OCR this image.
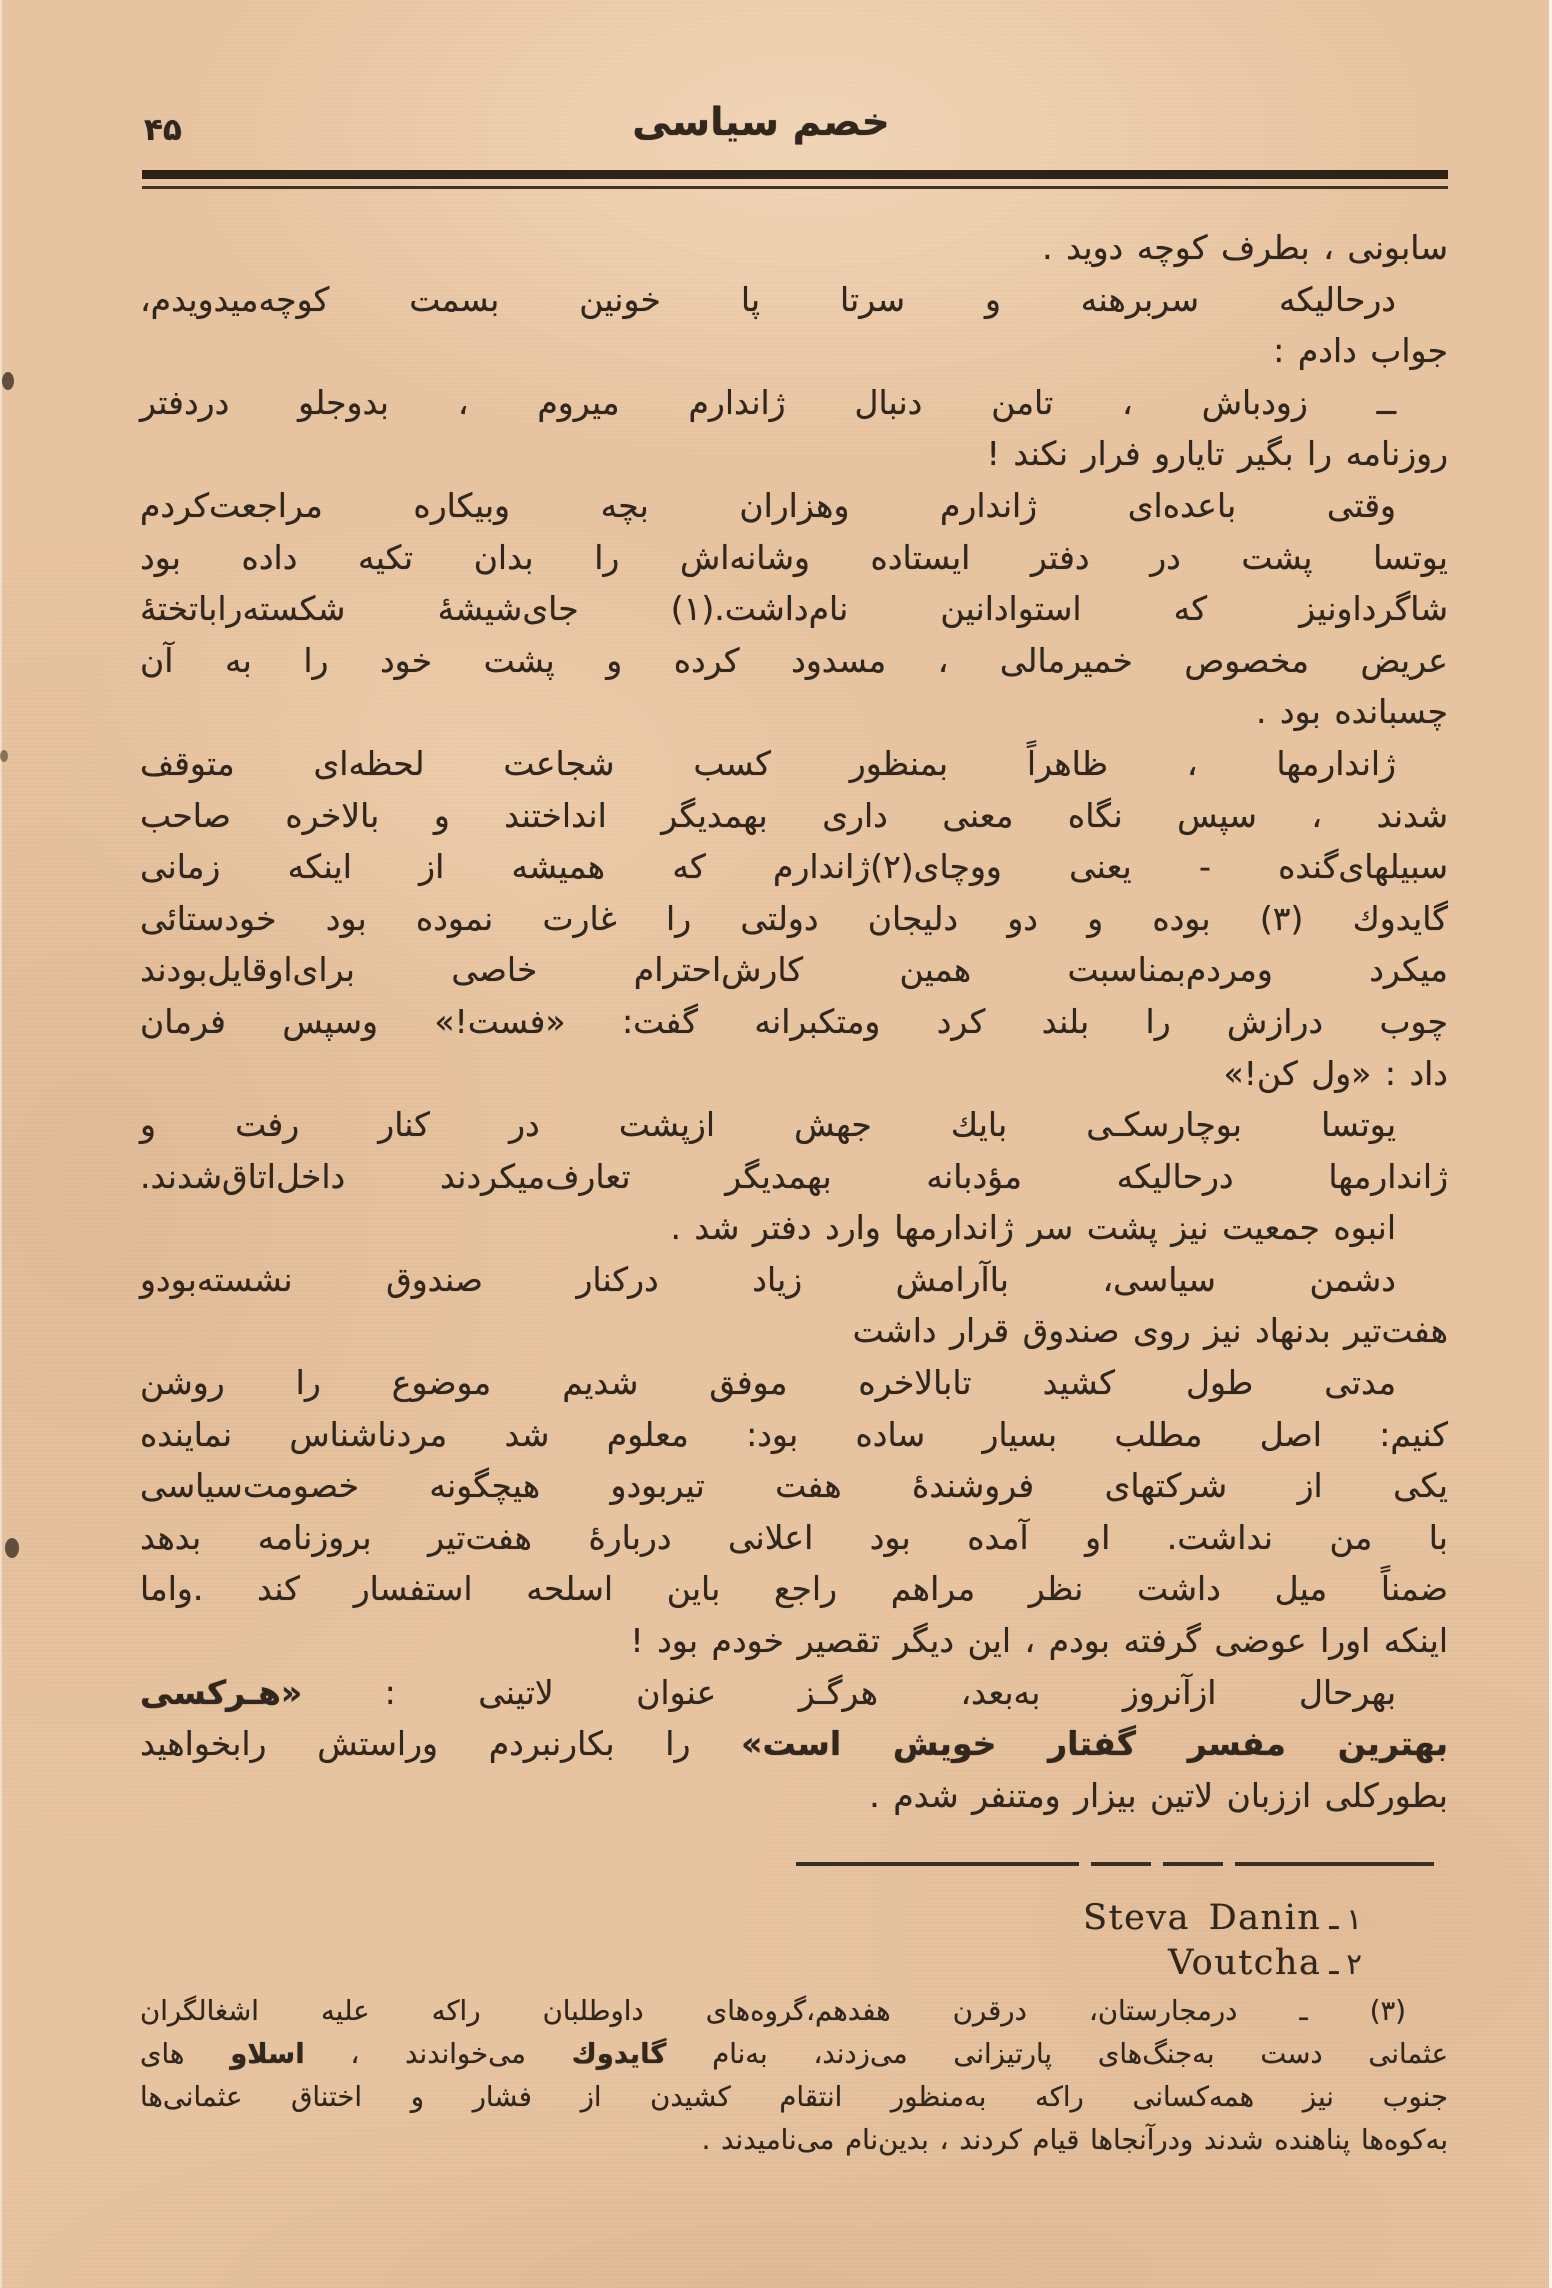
۴۵	خصم سیاسی
سابونی ، بطرف کوچه دوید .
درحالیکه سربرهنه و سرتا پا خونین بسمت کوچه‌میدویدم،
جواب دادم :
ــ زودباش ، تامن دنبال ژاندارم میروم ، بدوجلو دردفتر
روزنامه را بگیر تایارو فرار نکند !
وقتی باعده‌ای ژاندارم وهزاران بچه وبیکاره مراجعت‌کردم
یوتسا پشت در دفتر ایستاده وشانه‌اش را بدان تکیه داده بود
شاگرداونیز که استوادانین نام‌داشت.(۱) جای‌شیشهٔ شکسته‌راباتختهٔ
عریض مخصوص خمیرمالی ، مسدود کرده و پشت خود را به آن
چسبانده بود .
ژاندارمها ، ظاهراً بمنظور کسب شجاعت لحظه‌ای متوقف
شدند ، سپس نگاه معنی داری بهمدیگر انداختند و بالاخره صاحب
سبیلهای‌گنده - یعنی ووچای(۲)ژاندارم که همیشه از اینکه زمانی
گایدوك (۳) بوده و دو دلیجان دولتی را غارت نموده بود خودستائی
میکرد ومردم‌بمناسبت همین کارش‌احترام خاصی برای‌اوقایل‌بودند
چوب درازش را بلند کرد ومتکبرانه گفت: «فست!» وسپس فرمان
داد : «ول کن!»
یوتسا بوچارسکـی بایك جهش ازپشت در کنار رفت و
ژاندارمها درحالیکه مؤدبانه بهمدیگر تعارف‌میکردند داخل‌اتاق‌شدند.
انبوه جمعیت نیز پشت سر ژاندارمها وارد دفتر شد .
دشمن سیاسی، باآرامش زیاد درکنار صندوق نشسته‌بودو
هفت‌تیر بدنهاد نیز روی صندوق قرار داشت
مدتی طول کشید تابالاخره موفق شدیم موضوع را روشن
کنیم: اصل مطلب بسیار ساده بود: معلوم شد مردناشناس نماینده
یکی از شرکتهای فروشندهٔ هفت تیربودو هیچگونه خصومت‌سیاسی
با من نداشت. او آمده بود اعلانی دربارهٔ هفت‌تیر بروزنامه بدهد
ضمناً میل داشت نظر مراهم راجع باین اسلحه استفسار کند .واما
اینکه اورا عوضی گرفته بودم ، این دیگر تقصیر خودم بود !
بهرحال ازآنروز به‌بعد، هرگـز عنوان لاتینی : «هـرکسی
بهترین مفسر گفتار خویش است» را بکارنبردم وراستش رابخواهید
بطورکلی اززبان لاتین بیزار ومتنفر شدم .
۱ـSteva Danin
۲ـVoutcha
(۳) ـ درمجارستان، درقرن هفدهم،گروه‌های داوطلبان راکه علیه اشغالگران
عثمانی دست به‌جنگ‌های پارتیزانی می‌زدند، به‌نام گایدوك می‌خواندند ، اسلاو های
جنوب نیز همه‌کسانی راکه به‌منظور انتقام کشیدن از فشار و اختناق عثمانی‌ها
به‌کوه‌ها پناهنده شدند ودرآنجاها قیام کردند ، بدین‌نام می‌نامیدند .
